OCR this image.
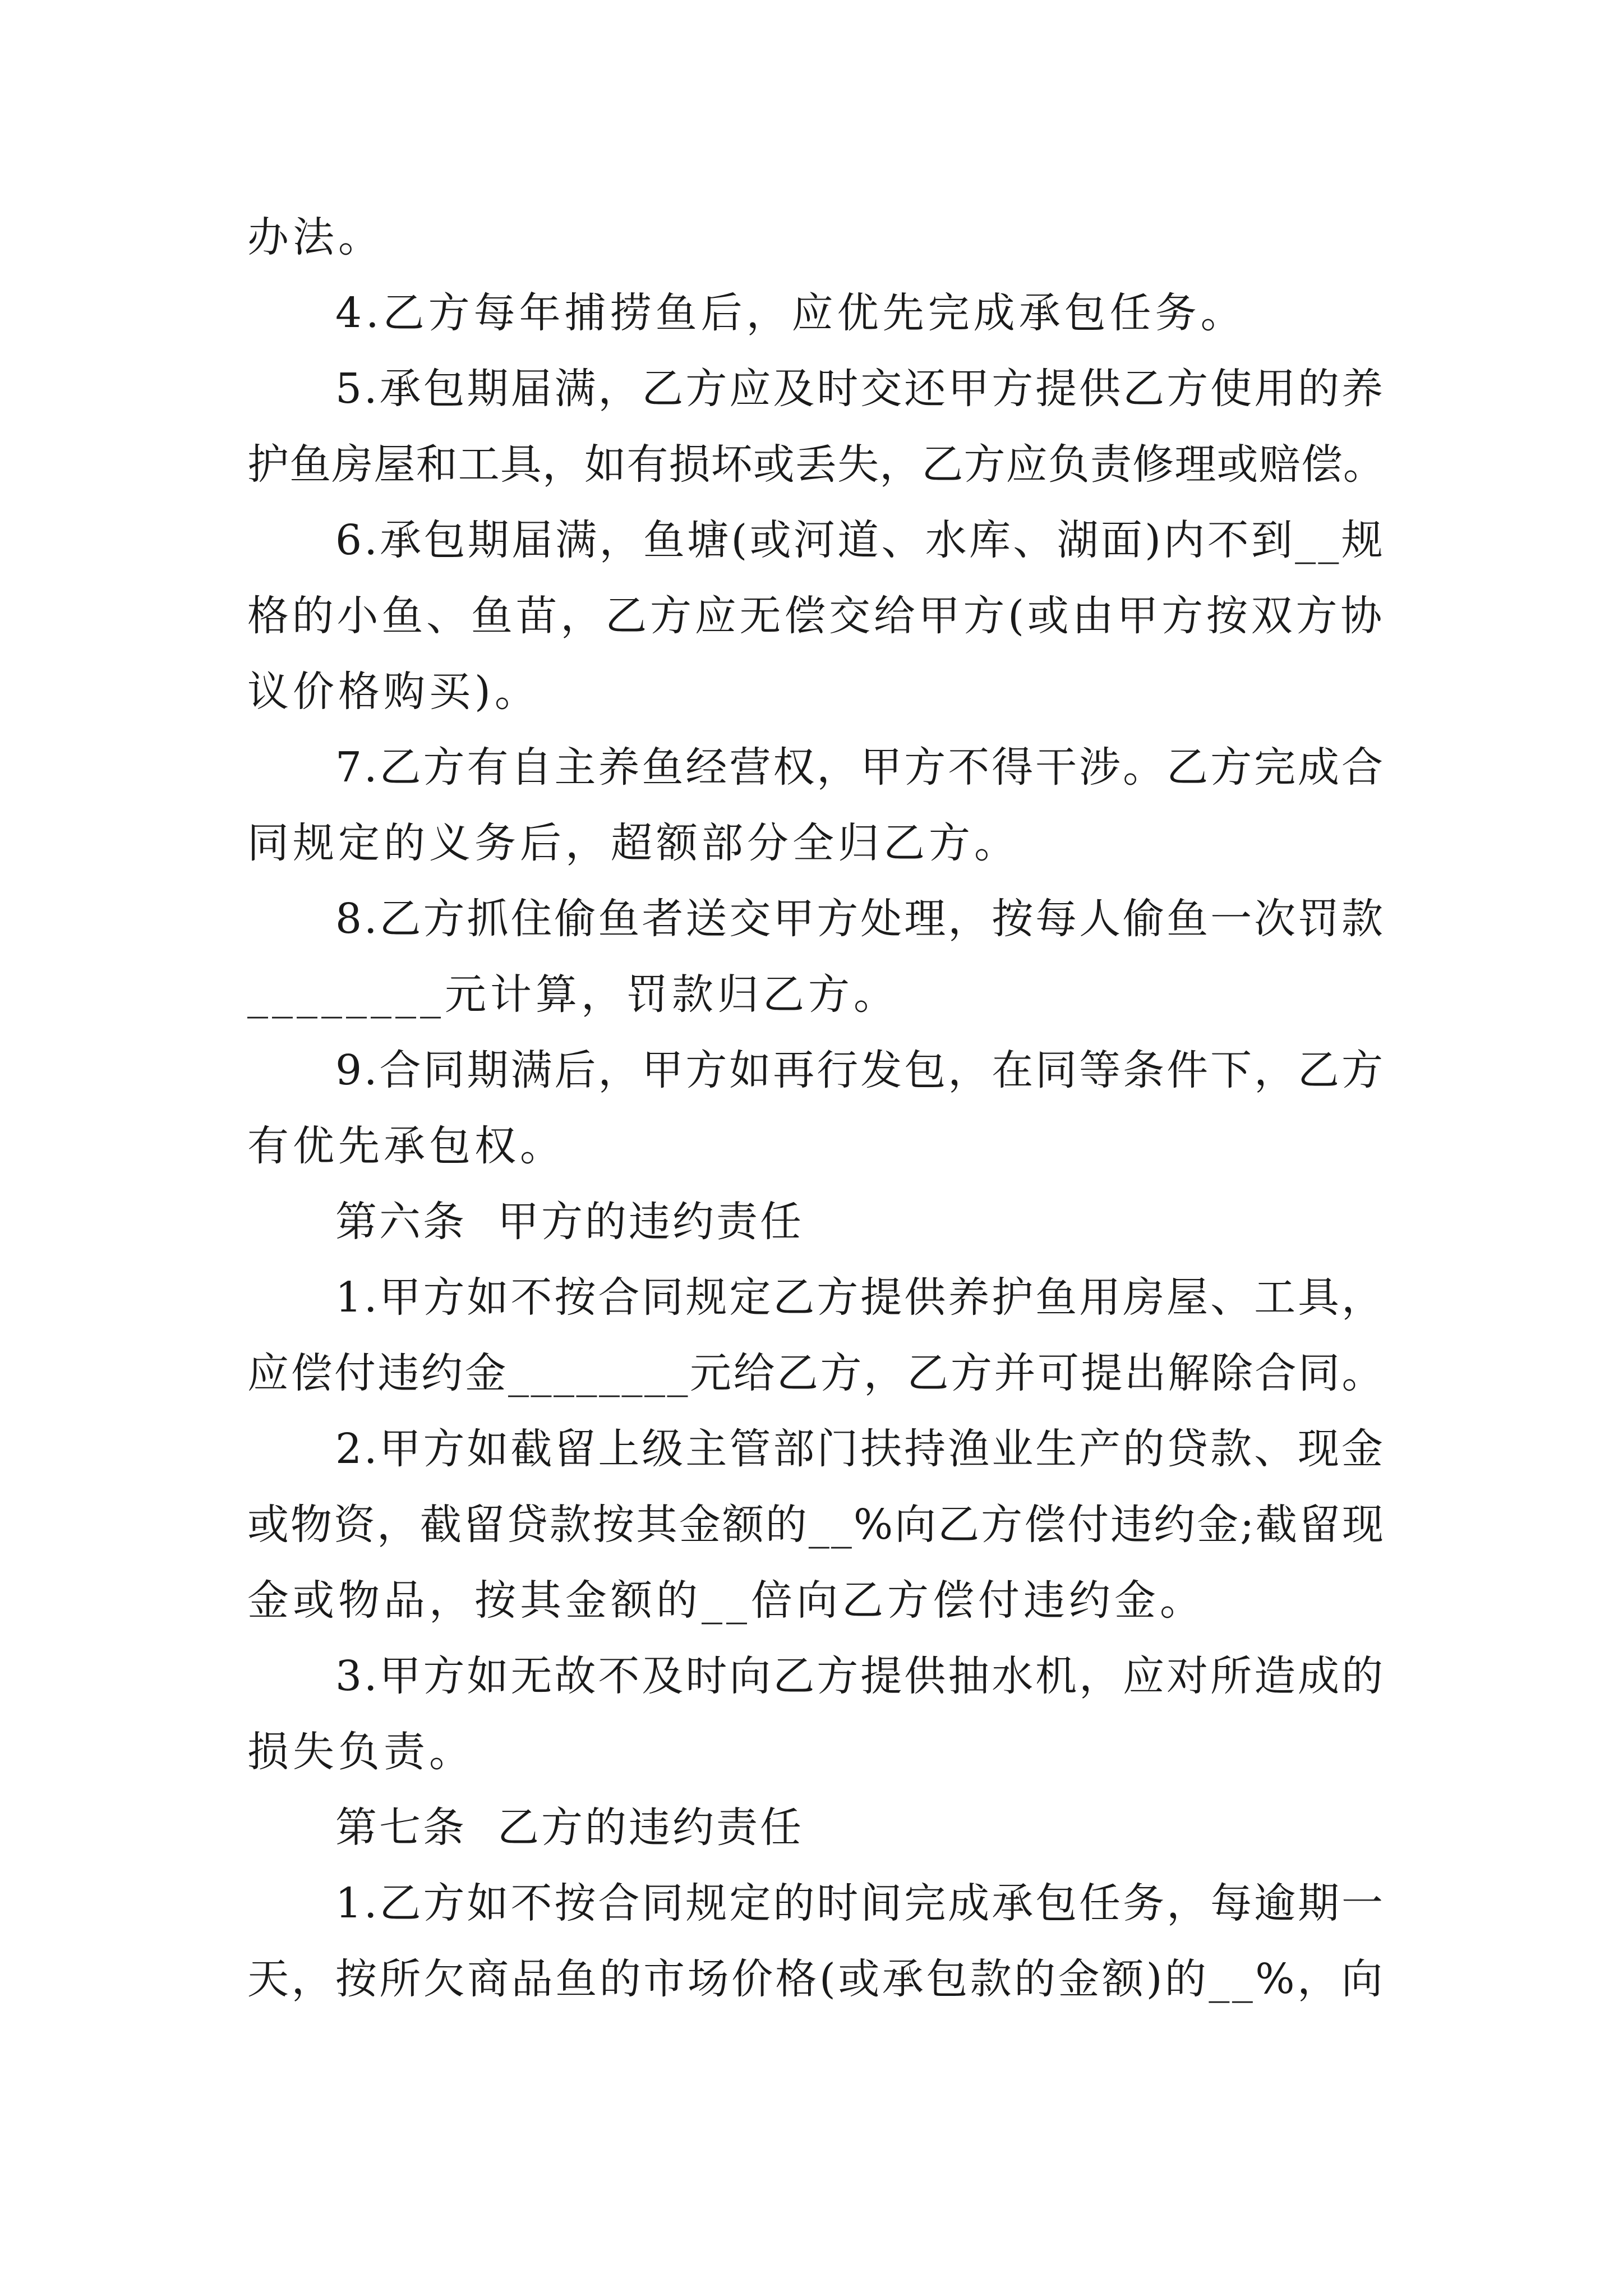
办法。
4.乙方每年捕捞鱼后，应优先完成承包任务。
5.承包期届满，乙方应及时交还甲方提供乙方使用的养
护鱼房屋和工具，如有损坏或丢失，乙方应负责修理或赔偿。
6.承包期届满，鱼塘(或河道、水库、湖面)内不到__规
格的小鱼、鱼苗，乙方应无偿交给甲方(或由甲方按双方协
议价格购买)。
7.乙方有自主养鱼经营权，甲方不得干涉。乙方完成合
同规定的义务后，超额部分全归乙方。
8.乙方抓住偷鱼者送交甲方处理，按每人偷鱼一次罚款
________元计算，罚款归乙方。
9.合同期满后，甲方如再行发包，在同等条件下，乙方
有优先承包权。
第六条  甲方的违约责任
1.甲方如不按合同规定乙方提供养护鱼用房屋、工具，
应偿付违约金________元给乙方，乙方并可提出解除合同。
2.甲方如截留上级主管部门扶持渔业生产的贷款、现金
或物资，截留贷款按其金额的__%向乙方偿付违约金;截留现
金或物品，按其金额的__倍向乙方偿付违约金。
3.甲方如无故不及时向乙方提供抽水机，应对所造成的
损失负责。
第七条  乙方的违约责任
1.乙方如不按合同规定的时间完成承包任务，每逾期一
天，按所欠商品鱼的市场价格(或承包款的金额)的__%，向
